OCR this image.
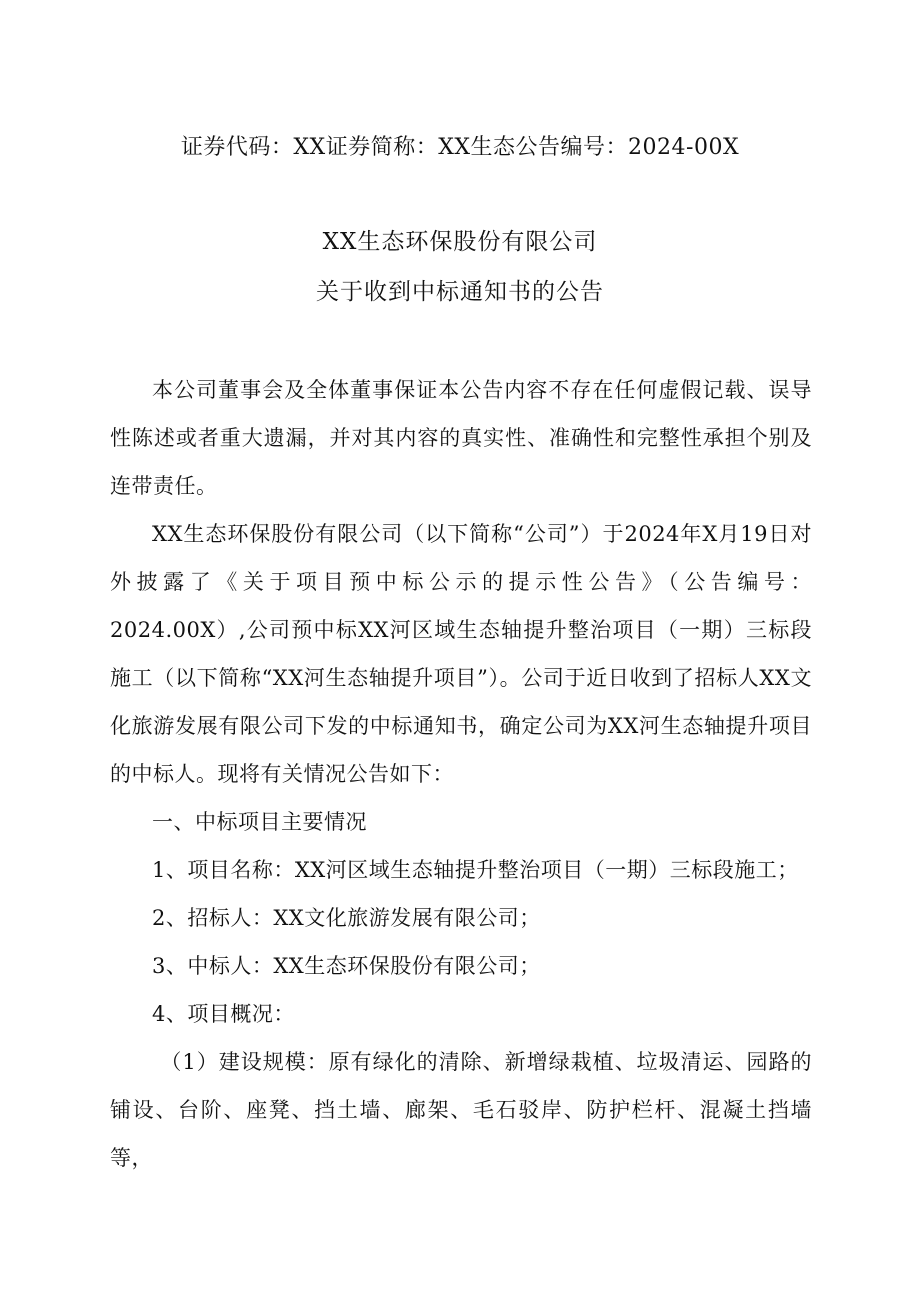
证券代码：XX证券简称：XX生态公告编号：2024-00X
XX生态环保股份有限公司
关于收到中标通知书的公告

本公司董事会及全体董事保证本公告内容不存在任何虚假记载、误导性陈述或者重大遗漏，并对其内容的真实性、准确性和完整性承担个别及连带责任。

XX生态环保股份有限公司（以下简称“公司”）于2024年X月19日对外披露了《关于项目预中标公示的提示性公告》（公告编号：2024.00X）,公司预中标XX河区域生态轴提升整治项目（一期）三标段施工（以下简称“XX河生态轴提升项目”）。公司于近日收到了招标人XX文化旅游发展有限公司下发的中标通知书，确定公司为XX河生态轴提升项目的中标人。现将有关情况公告如下：

一、中标项目主要情况

1、项目名称：XX河区域生态轴提升整治项目（一期）三标段施工；

2、招标人：XX文化旅游发展有限公司；

3、中标人：XX生态环保股份有限公司；

4、项目概况：

（1）建设规模：原有绿化的清除、新增绿栽植、垃圾清运、园路的铺设、台阶、座凳、挡土墙、廊架、毛石驳岸、防护栏杆、混凝土挡墙等，
